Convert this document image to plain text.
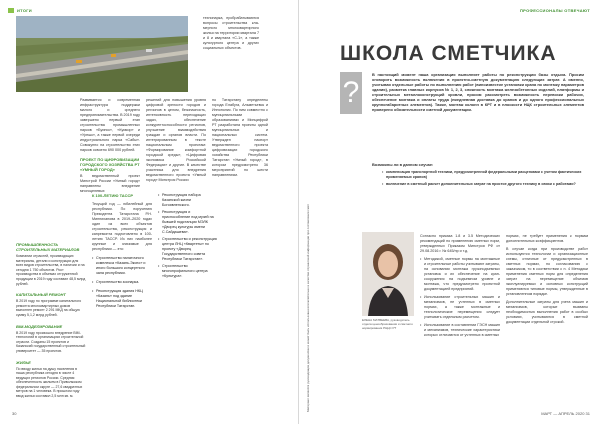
ИТОГИ
технопарка, пробрабатываются вопросы строительства кла-мерного многоквартирного жилья на территории квартала 7 и 8 и квартала «С-1», а также культурного центра и других социальных объектов.

Развивается и современная инфраструктура поддержки малого и среднего предпринимательства. В 2019 году завершено первый этап строительства промышленных парков «Буинск», «Кукмор» и «Урпшк», а также первой очереди индустриального парка «Сабы». Совокупно на строительство этих парков освоено 690 000 рублей.

ПРОЕКТ ПО ЦИФРОВИЗАЦИИ ГОРОДСКОГО ХОЗЯЙСТВА РТ «УМНЫЙ ГОРОД»

В ведомственный проект Минстрой России «Умный город» направлены внедрение многоцелевых

решений для повышения уровня цифровой зрелости городов и регионов в целом, безопасность, интенсивность переходящих задач, обеспечение конкурентоспособности регионов, улучшение взаимодействия граждан и органов власти. По интегрированным в тексте национальным проектам: «Формирование комфортной городской среды», «Цифровая экономика Российской Федерации» и другие. В качестве участника для внедрения ведомственного проекта «Умный город» Минстроя России

по Татарстану определены города Елабуга, Альметьевск и Иннополис. По ним совместно с муниципальными образованиями и Минцифрой РТ разработана проекты одной муниципальных и национальных систем. Утвержден паспорт ведомственного проекта цифровизации городского хозяйства Республики Татарстан «Умный город», в котором предусмотрено 36 мероприятий по шести направлениям.

ПРОМЫШЛЕННОСТЬ СТРОИТЕЛЬНЫХ МАТЕРИАЛОВ

Компании отраслей, производящих материалы, детали и конструкции для всех видов строительства, в наличии и на сегодня 1 750 объектов. Рост производства в объемах отгруженной продукции в 2019 году составил 48,5 млрд рублей.

КАПИТАЛЬНЫЙ РЕМОНТ

В 2019 году по программе капитального ремонта многоквартирных домов выполнен ремонт 2 291 МКД на общую сумму 5,1,2 млрд рублей.

BIM-МОДЕЛИРОВАНИЕ

В 2019 году произошло внедрение BIM-технологий в организациях строительной отрасли. Созданы 15 проектов и Казанский государственный строительный университет — 35 проектов.

ЖИЛЬЕ

По вводу жилья на душу населения в наша республика сегодня в числе 4 ведущих регионов России. Средняя обеспеченность жильем в Приволжском федеральном округе — 27,6 квадратных метров на 1 человека. В прошлом году ввод жилья составил 2,5 млн кв. м.

К 100-ЛЕТИЮ ТАССР

Текущий год — юбилейный для республики. По поручению Президента Татарстана Р.Н. Минниханова в 2019–2020 годах один из всех объектов строительства, реконструкция и капремонта подготовлено в 100-летию ТАССР. Из них наиболее крупные и значимые для республики — это:

• Строительство палаточного комплекса «Казань-Экспо» и иного большого концертного зала республики.

• Строительство зоопарка.

• Реконструкция здания НКЦ «Казань» под здание Национальной библиотеки Республики Татарстан.

• Реконструкция набора Казанской жизни Богоявленского.

• Реконструкция и приспособление под музей на бывшей подстанции МЭЛК «Дворец культуры имени С.Сайдашева».

• Строительство и реконструкция центра ЛНЦ «Квартеты» по проекту «Дворец Государственного совета Республики Татарстан».

• Строительство многопрофильного центра «Культура».

30
ПРОФЕССИОНАЛЫ ОТВЕЧАЮТ
Материал является руководящим документом и может быть использован исключительно в качестве справочной информации при составлении смет
ШКОЛА СМЕТЧИКА
?
В настоящий момент наша организация выполняет работы по реконструкции базы отдыха. Просим оговорить возможность включения в проектно-сметную документацию следующих затрат. А именно, учитывая отдельные работы по выполнению работ (виноизвестие установки крана по монтажу параметров здания), разметка главных корпусов № 1, 2, 3, сложность монтажа железобетонных изделий, платформы и строительных металлоконструкций кровли, просим рассмотреть возможность перевозки рабочих, обеспечение монтажа и оплаты труда (ежедневная доставка до кранов и до одного профессиональных крупногабаритных элементов). Также, монтаж колонн в КРТ и в плоскости НЦК строительных элементов проверено обязательности сметной документации.
Возможны ли в данном случае:

• компенсация транспортной техники, предусмотренной федеральными расценками с учетом фактических применяемых кранов)

• включение в сметный расчет дополнительных затрат на простое другого технику в связи с работами?

ЕЛЕНА МАТВЕЕВА, руководитель отдела ценообразования и сметного нормирования РЦЦС РТ

Согласно приказа 1.8 и 3.5 Методических рекомендаций по применению сметных норм, утвержденных Приказом Минстроя РФ от 29.08.2016 г. № 645/пр и т.д.

• Методикой, сметные нормы на монтажные и строительные работы учитывают затраты, на основании монтажа грузоподъемных установок и их обеспечение на кран-сооружения на подъемном уровне и монтажа, что предусмотрено проектной документацией предприятий.

• Использование строительных машин и механизмов, не учтенных в сметных нормах, а также монтажные и технологические перемещения следует учитывать отдельным расчетом.

• Использование в составлении ГЭСН машин и механизмов, технические характеристики которых отличаются от учтенных в сметных

нормах, не требует применения к нормам дополнительных коэффициентов.

В случае когда при производстве работ используются технологии и организационные схемы, отличные от предусмотренных в сметных нормах, по согласованию с заказчиком, то в соответствии с п. 4 Методики применения сметных норм для определения затрат на перемещение объемов эксплуатируемых и основных конструкций применяются типовые нормы, утвержденные в установленном порядке.

Дополнительные затраты для учета машин и механизмов, которые вызваны необходимостью выполнения работ в особых условиях, учитываются в сметной документации отдельной строкой.

МАРТ — АПРЕЛЬ 2020 31
